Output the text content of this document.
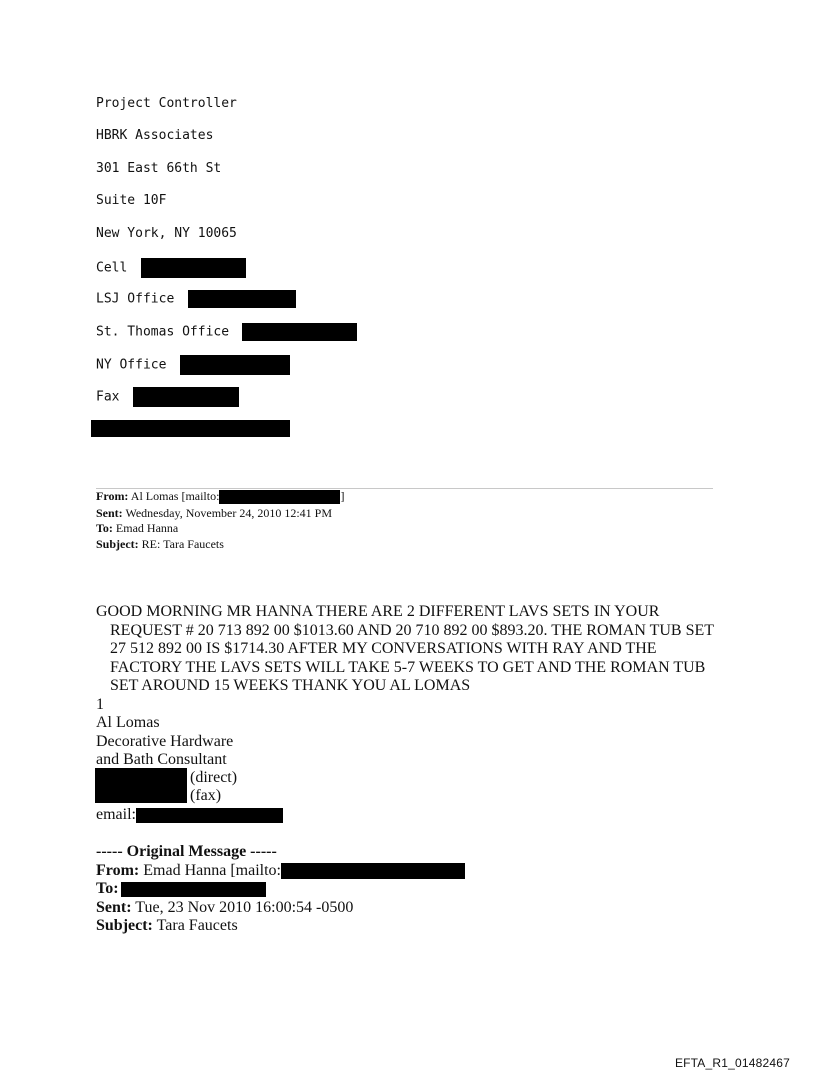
Project Controller
HBRK Associates
301 East 66th St
Suite 10F
New York, NY 10065
Cell
LSJ Office
St. Thomas Office
NY Office
Fax
From: Al Lomas [mailto:	]
Sent: Wednesday, November 24, 2010 12:41 PM
To: Emad Hanna
Subject: RE: Tara Faucets
GOOD MORNING MR HANNA THERE ARE 2 DIFFERENT LAVS SETS IN YOUR REQUEST # 20 713 892 00 $1013.60 AND 20 710 892 00 $893.20. THE ROMAN TUB SET 27 512 892 00 IS $1714.30 AFTER MY CONVERSATIONS WITH RAY AND THE FACTORY THE LAVS SETS WILL TAKE 5-7 WEEKS TO GET AND THE ROMAN TUB SET AROUND 15 WEEKS THANK YOU AL LOMAS
1
Al Lomas
Decorative Hardware
and Bath Consultant
(direct)
(fax)
email:
----- Original Message -----
From: Emad Hanna [mailto:
To:
Sent: Tue, 23 Nov 2010 16:00:54 -0500
Subject: Tara Faucets
EFTA_R1_01482467
